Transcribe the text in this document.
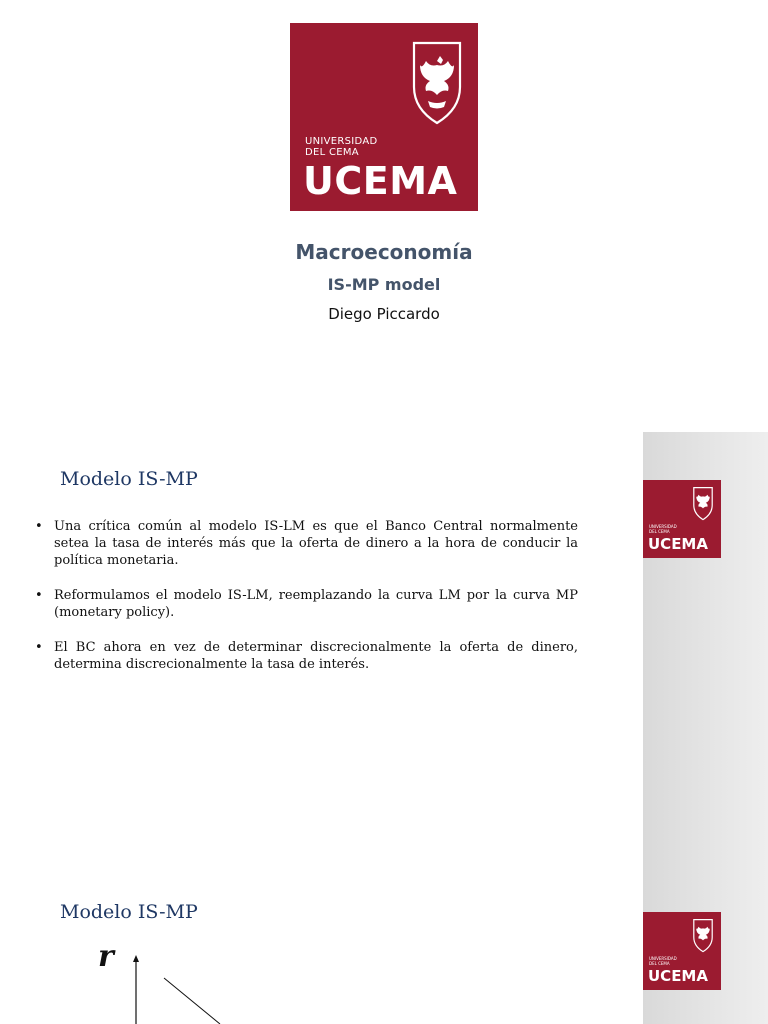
UNIVERSIDAD
DEL CEMA
UCEMA
Macroeconomía
IS-MP model
Diego Piccardo
UNIVERSIDAD
DEL CEMA
UCEMA
Modelo IS-MP
• Una crítica común al modelo IS-LM es que el Banco Central normalmente setea la tasa de interés más que la oferta de dinero a la hora de conducir la política monetaria.
• Reformulamos el modelo IS-LM, reemplazando la curva LM por la curva MP (monetary policy).
• El BC ahora en vez de determinar discrecionalmente la oferta de dinero, determina discrecionalmente la tasa de interés.
UNIVERSIDAD
DEL CEMA
UCEMA
Modelo IS-MP
r
